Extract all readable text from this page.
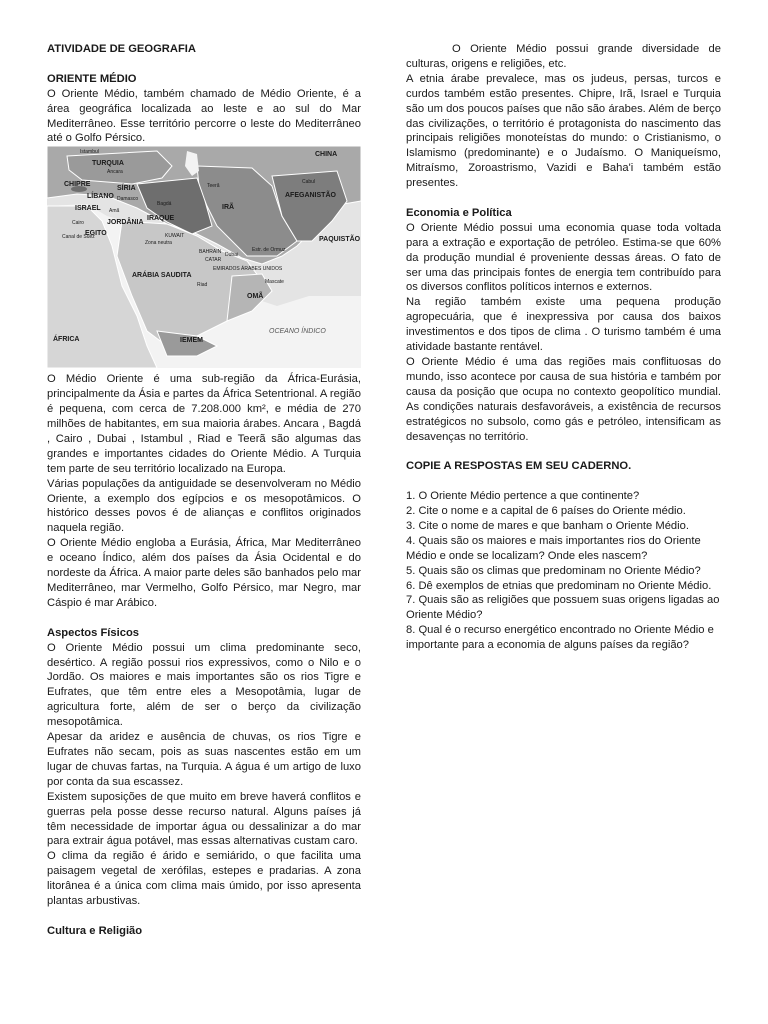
ATIVIDADE DE GEOGRAFIA

ORIENTE MÉDIO

O Oriente Médio, também chamado de Médio Oriente, é a área geográfica localizada ao leste e ao sul do Mar Mediterrâneo. Esse território percorre o leste do Mediterrâneo até o Golfo Pérsico.

CHINA
TURQUIA
CHIPRE
SÍRIA
LÍBANO Damasco
ISRAEL
JORDÂNIA
IRAQUE
IRÃ
AFEGANISTÃO
PAQUISTÃO
KUWAIT
BAHRAIN
CATAR
EMIRADOS ÁRABES UNIDOS
ARÁBIA SAUDITA
OMÃ
IEMEM
EGITO
ÁFRICA
OCEANO ÍNDICO
Ancara
Istambul
Teerã
Cabul
Bagdá
Amã
Cairo
Canal de Suez
Riad
Dubai
Estr. de Ormuz
Mascate
Zona neutra

O Médio Oriente é uma sub-região da África-Eurásia, principalmente da Ásia e partes da África Setentrional. A região é pequena, com cerca de 7.208.000 km², e média de 270 milhões de habitantes, em sua maioria árabes. Ancara , Bagdá , Cairo , Dubai , Istambul , Riad e Teerã são algumas das grandes e importantes cidades do Oriente Médio. A Turquia tem parte de seu território localizado na Europa.

Várias populações da antiguidade se desenvolveram no Médio Oriente, a exemplo dos egípcios e os mesopotâmicos. O histórico desses povos é de alianças e conflitos originados naquela região.

O Oriente Médio engloba a Eurásia, África, Mar Mediterrâneo e oceano Índico, além dos países da Ásia Ocidental e do nordeste da África. A maior parte deles são banhados pelo mar Mediterrâneo, mar Vermelho, Golfo Pérsico, mar Negro, mar Cáspio é mar Arábico.

Aspectos Físicos

O Oriente Médio possui um clima predominante seco, desértico. A região possui rios expressivos, como o Nilo e o Jordão. Os maiores e mais importantes são os rios Tigre e Eufrates, que têm entre eles a Mesopotâmia, lugar de agricultura forte, além de ser o berço da civilização mesopotâmica.

Apesar da aridez e ausência de chuvas, os rios Tigre e Eufrates não secam, pois as suas nascentes estão em um lugar de chuvas fartas, na Turquia. A água é um artigo de luxo por conta da sua escassez.

Existem suposições de que muito em breve haverá conflitos e guerras pela posse desse recurso natural. Alguns países já têm necessidade de importar água ou dessalinizar a do mar para extrair água potável, mas essas alternativas custam caro.

O clima da região é árido e semiárido, o que facilita uma paisagem vegetal de xerófilas, estepes e pradarias. A zona litorânea é a única com clima mais úmido, por isso apresenta plantas arbustivas.

Cultura e Religião

O Oriente Médio possui grande diversidade de culturas, origens e religiões, etc.

A etnia árabe prevalece, mas os judeus, persas, turcos e curdos também estão presentes. Chipre, Irã, Israel e Turquia são um dos poucos países que não são árabes. Além de berço das civilizações, o território é protagonista do nascimento das principais religiões monoteístas do mundo: o Cristianismo, o Islamismo (predominante) e o Judaísmo. O Maniqueísmo, Mitraísmo, Zoroastrismo, Vazidi e Baha'i também estão presentes.

Economia e Política

O Oriente Médio possui uma economia quase toda voltada para a extração e exportação de petróleo. Estima-se que 60% da produção mundial é proveniente dessas áreas. O fato de ser uma das principais fontes de energia tem contribuído para os diversos conflitos políticos internos e externos.

Na região também existe uma pequena produção agropecuária, que é inexpressiva por causa dos baixos investimentos e dos tipos de clima . O turismo também é uma atividade bastante rentável.

O Oriente Médio é uma das regiões mais conflituosas do mundo, isso acontece por causa de sua história e também por causa da posição que ocupa no contexto geopolítico mundial. As condições naturais desfavoráveis, a existência de recursos estratégicos no subsolo, como gás e petróleo, intensificam as desavenças no território.

COPIE A RESPOSTAS EM SEU CADERNO.

1. O Oriente Médio pertence a que continente?

2. Cite o nome e a capital de 6 países do Oriente médio.

3. Cite o nome de mares e que banham o Oriente Médio.

4. Quais são os maiores e mais importantes rios do Oriente Médio e onde se localizam? Onde eles nascem?

5. Quais são os climas que predominam no Oriente Médio?

6. Dê exemplos de etnias que predominam no Oriente Médio.

7. Quais são as religiões que possuem suas origens ligadas ao Oriente Médio?

8. Qual é o recurso energético encontrado no Oriente Médio e importante para a economia de alguns países da região?
